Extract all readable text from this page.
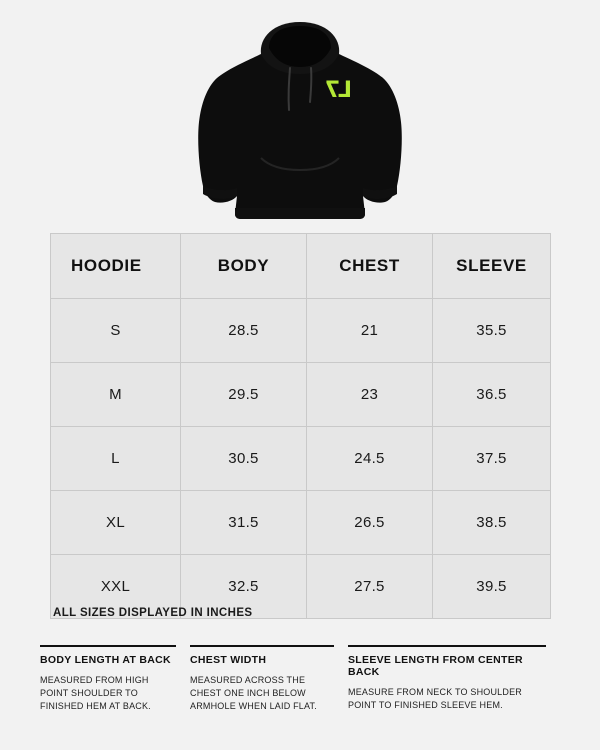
L7
HOODIE	BODY	CHEST	SLEEVE
S	28.5	21	35.5
M	29.5	23	36.5
L	30.5	24.5	37.5
XL	31.5	26.5	38.5
XXL	32.5	27.5	39.5
ALL SIZES DISPLAYED IN INCHES
BODY LENGTH AT BACK
MEASURED FROM HIGH POINT SHOULDER TO FINISHED HEM AT BACK.
CHEST WIDTH
MEASURED ACROSS THE CHEST ONE INCH BELOW ARMHOLE WHEN LAID FLAT.
SLEEVE LENGTH FROM CENTER BACK
MEASURE FROM NECK TO SHOULDER POINT TO FINISHED SLEEVE HEM.
